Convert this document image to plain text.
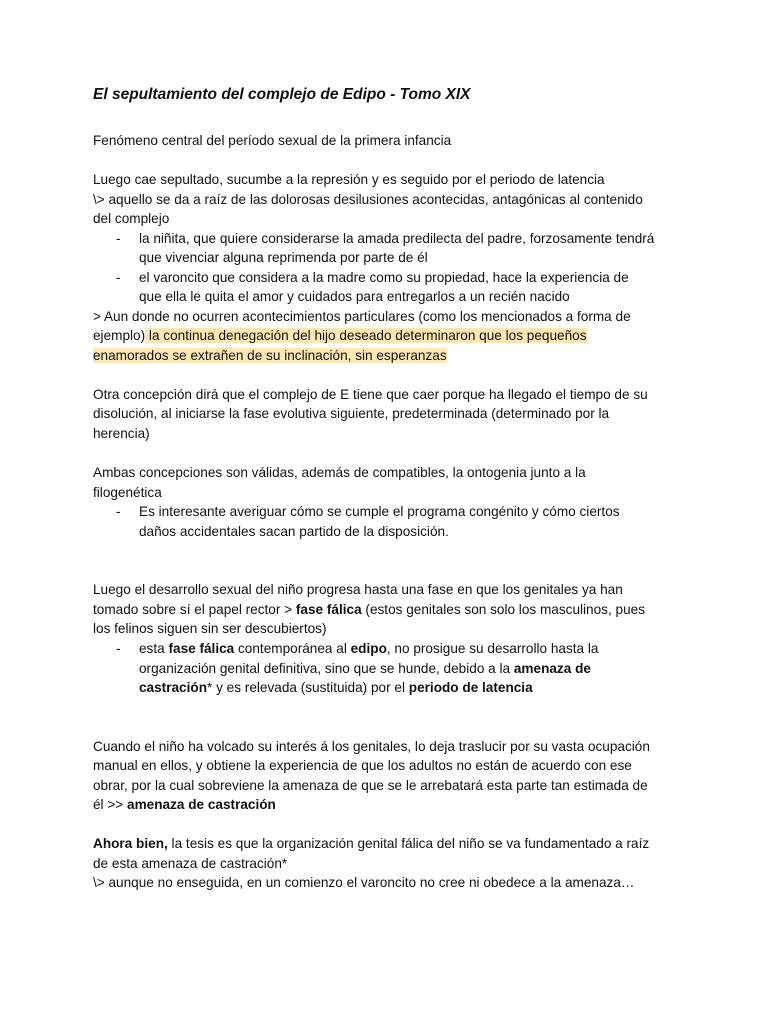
El sepultamiento del complejo de Edipo - Tomo XIX
Fenómeno central del período sexual de la primera infancia
Luego cae sepultado, sucumbe a la represión y es seguido por el periodo de latencia
\> aquello se da a raíz de las dolorosas desilusiones acontecidas, antagónicas al contenido
del complejo
- la niñita, que quiere considerarse la amada predilecta del padre, forzosamente tendrá
que vivenciar alguna reprimenda por parte de él
- el varoncito que considera a la madre como su propiedad, hace la experiencia de
que ella le quita el amor y cuidados para entregarlos a un recién nacido
> Aun donde no ocurren acontecimientos particulares (como los mencionados a forma de
ejemplo) la continua denegación del hijo deseado determinaron que los pequeños
enamorados se extrañen de su inclinación, sin esperanzas
Otra concepción dirá que el complejo de E tiene que caer porque ha llegado el tiempo de su
disolución, al iniciarse la fase evolutiva siguiente, predeterminada (determinado por la
herencia)
Ambas concepciones son válidas, además de compatibles, la ontogenia junto a la
filogenética
- Es interesante averiguar cómo se cumple el programa congénito y cómo ciertos
daños accidentales sacan partido de la disposición.
Luego el desarrollo sexual del niño progresa hasta una fase en que los genitales ya han
tomado sobre sí el papel rector > fase fálica (estos genitales son solo los masculinos, pues
los felinos siguen sin ser descubiertos)
- esta fase fálica contemporánea al edipo, no prosigue su desarrollo hasta la
organización genital definitiva, sino que se hunde, debido a la amenaza de
castración* y es relevada (sustituida) por el periodo de latencia
Cuando el niño ha volcado su interés á los genitales, lo deja traslucir por su vasta ocupación
manual en ellos, y obtiene la experiencia de que los adultos no están de acuerdo con ese
obrar, por la cual sobreviene la amenaza de que se le arrebatará esta parte tan estimada de
él >> amenaza de castración
Ahora bien, la tesis es que la organización genital fálica del niño se va fundamentado a raíz
de esta amenaza de castración*
\> aunque no enseguida, en un comienzo el varoncito no cree ni obedece a la amenaza…
